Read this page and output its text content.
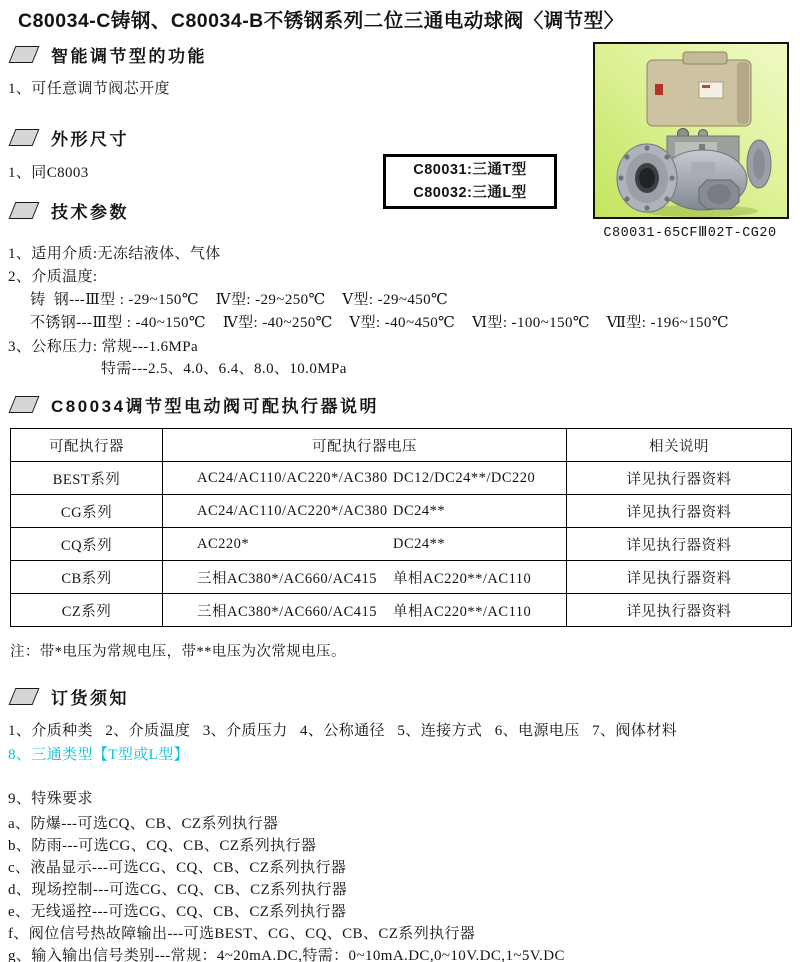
C80034-C铸钢、C80034-B不锈钢系列二位三通电动球阀〈调节型〉
C80031-65CFⅢ02T-CG20
C80031:三通T型
C80032:三通L型
智能调节型的功能
1、可任意调节阀芯开度
外形尺寸
1、同C8003
技术参数
1、适用介质:无冻结液体、气体
2、介质温度:
铸  钢---Ⅲ型 : -29~150℃    Ⅳ型: -29~250℃    Ⅴ型: -29~450℃
不锈钢---Ⅲ型 : -40~150℃    Ⅳ型: -40~250℃    Ⅴ型: -40~450℃    Ⅵ型: -100~150℃    Ⅶ型: -196~150℃
3、公称压力: 常规---1.6MPa
特需---2.5、4.0、6.4、8.0、10.0MPa
C80034调节型电动阀可配执行器说明
可配执行器	可配执行器电压	相关说明
BEST系列	AC24/AC110/AC220*/AC380 DC12/DC24**/DC220	详见执行器资料
CG系列	AC24/AC110/AC220*/AC380 DC24**	详见执行器资料
CQ系列	AC220* DC24**	详见执行器资料
CB系列	三相AC380*/AC660/AC415 单相AC220**/AC110	详见执行器资料
CZ系列	三相AC380*/AC660/AC415 单相AC220**/AC110	详见执行器资料
注：带*电压为常规电压，带**电压为次常规电压。
订货须知
1、介质种类   2、介质温度   3、介质压力   4、公称通径   5、连接方式   6、电源电压   7、阀体材料
8、三通类型【T型或L型】
9、特殊要求
a、防爆---可选CQ、CB、CZ系列执行器
b、防雨---可选CG、CQ、CB、CZ系列执行器
c、液晶显示---可选CG、CQ、CB、CZ系列执行器
d、现场控制---可选CG、CQ、CB、CZ系列执行器
e、无线遥控---可选CG、CQ、CB、CZ系列执行器
f、阀位信号热故障输出---可选BEST、CG、CQ、CB、CZ系列执行器
g、输入输出信号类别---常规：4~20mA.DC,特需：0~10mA.DC,0~10V.DC,1~5V.DC
